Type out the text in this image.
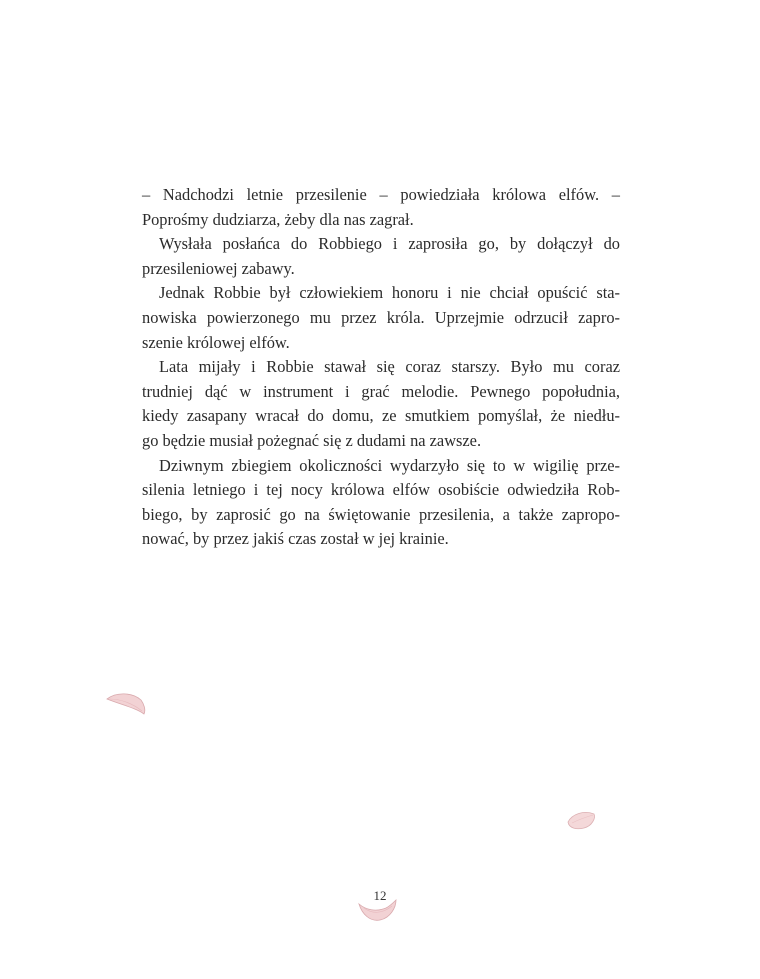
– Nadchodzi letnie przesilenie – powiedziała królowa elfów. –
Poprośmy dudziarza, żeby dla nas zagrał.
Wysłała posłańca do Robbiego i zaprosiła go, by dołączył do
przesileniowej zabawy.
Jednak Robbie był człowiekiem honoru i nie chciał opuścić sta-
nowiska powierzonego mu przez króla. Uprzejmie odrzucił zapro-
szenie królowej elfów.
Lata mijały i Robbie stawał się coraz starszy. Było mu coraz
trudniej dąć w instrument i grać melodie. Pewnego popołudnia,
kiedy zasapany wracał do domu, ze smutkiem pomyślał, że niedłu-
go będzie musiał pożegnać się z dudami na zawsze.
Dziwnym zbiegiem okoliczności wydarzyło się to w wigilię prze-
silenia letniego i tej nocy królowa elfów osobiście odwiedziła Rob-
biego, by zaprosić go na świętowanie przesilenia, a także zapropo-
nować, by przez jakiś czas został w jej krainie.
12
